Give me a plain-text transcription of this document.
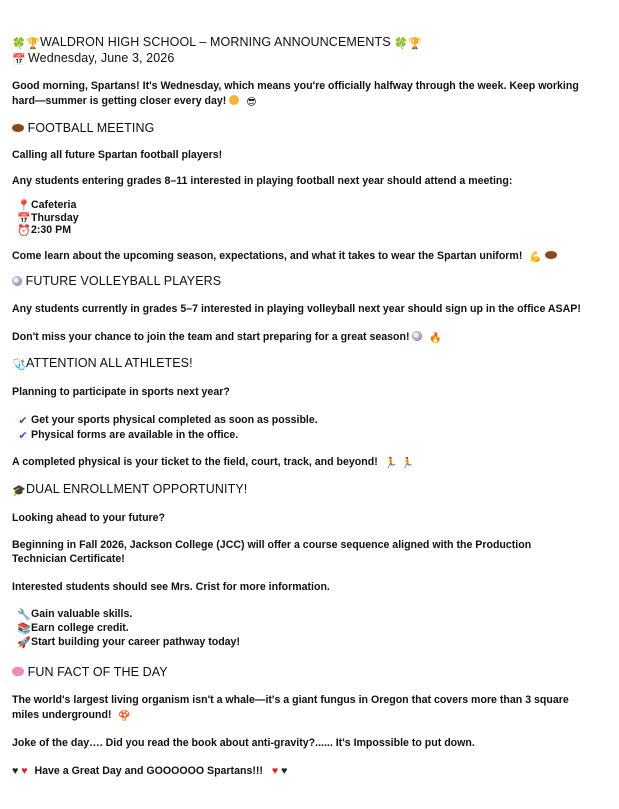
🍀🏆WALDRON HIGH SCHOOL – MORNING ANNOUNCEMENTS 🍀🏆
📅 Wednesday, June 3, 2026
Good morning, Spartans! It's Wednesday, which means you're officially halfway through the week. Keep working
hard—summer is getting closer every day! 😎
FOOTBALL MEETING
Calling all future Spartan football players!
Any students entering grades 8–11 interested in playing football next year should attend a meeting:
📍Cafeteria
📅Thursday
⏰2:30 PM
Come learn about the upcoming season, expectations, and what it takes to wear the Spartan uniform! 💪
FUTURE VOLLEYBALL PLAYERS
Any students currently in grades 5–7 interested in playing volleyball next year should sign up in the office ASAP!
Don't miss your chance to join the team and start preparing for a great season! 🔥
🩺ATTENTION ALL ATHLETES!
Planning to participate in sports next year?
✔ Get your sports physical completed as soon as possible.
✔ Physical forms are available in the office.
A completed physical is your ticket to the field, court, track, and beyond! 🏃 🏃
🎓DUAL ENROLLMENT OPPORTUNITY!
Looking ahead to your future?
Beginning in Fall 2026, Jackson College (JCC) will offer a course sequence aligned with the Production
Technician Certificate!
Interested students should see Mrs. Crist for more information.
🔧Gain valuable skills.
📚Earn college credit.
🚀Start building your career pathway today!
FUN FACT OF THE DAY
The world's largest living organism isn't a whale—it's a giant fungus in Oregon that covers more than 3 square
miles underground! 🍄
Joke of the day…. Did you read the book about anti-gravity?...... It's Impossible to put down.
♥ ♥ Have a Great Day and GOOOOOO Spartans!!! ♥ ♥
